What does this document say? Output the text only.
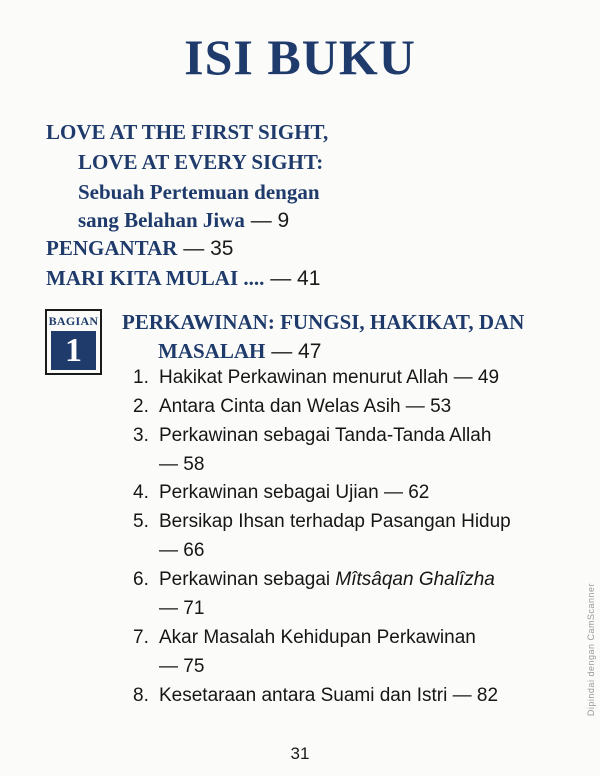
ISI BUKU
LOVE AT THE FIRST SIGHT,
LOVE AT EVERY SIGHT:
Sebuah Pertemuan dengan
sang Belahan Jiwa — 9
PENGANTAR — 35
MARI KITA MULAI .... — 41
BAGIAN
1
PERKAWINAN: FUNGSI, HAKIKAT, DAN
MASALAH — 47
1. Hakikat Perkawinan menurut Allah — 49
2. Antara Cinta dan Welas Asih — 53
3. Perkawinan sebagai Tanda-Tanda Allah
— 58
4. Perkawinan sebagai Ujian — 62
5. Bersikap Ihsan terhadap Pasangan Hidup
— 66
6. Perkawinan sebagai Mîtsâqan Ghalîzha
— 71
7. Akar Masalah Kehidupan Perkawinan
— 75
8. Kesetaraan antara Suami dan Istri — 82
31
Dipindai dengan CamScanner
